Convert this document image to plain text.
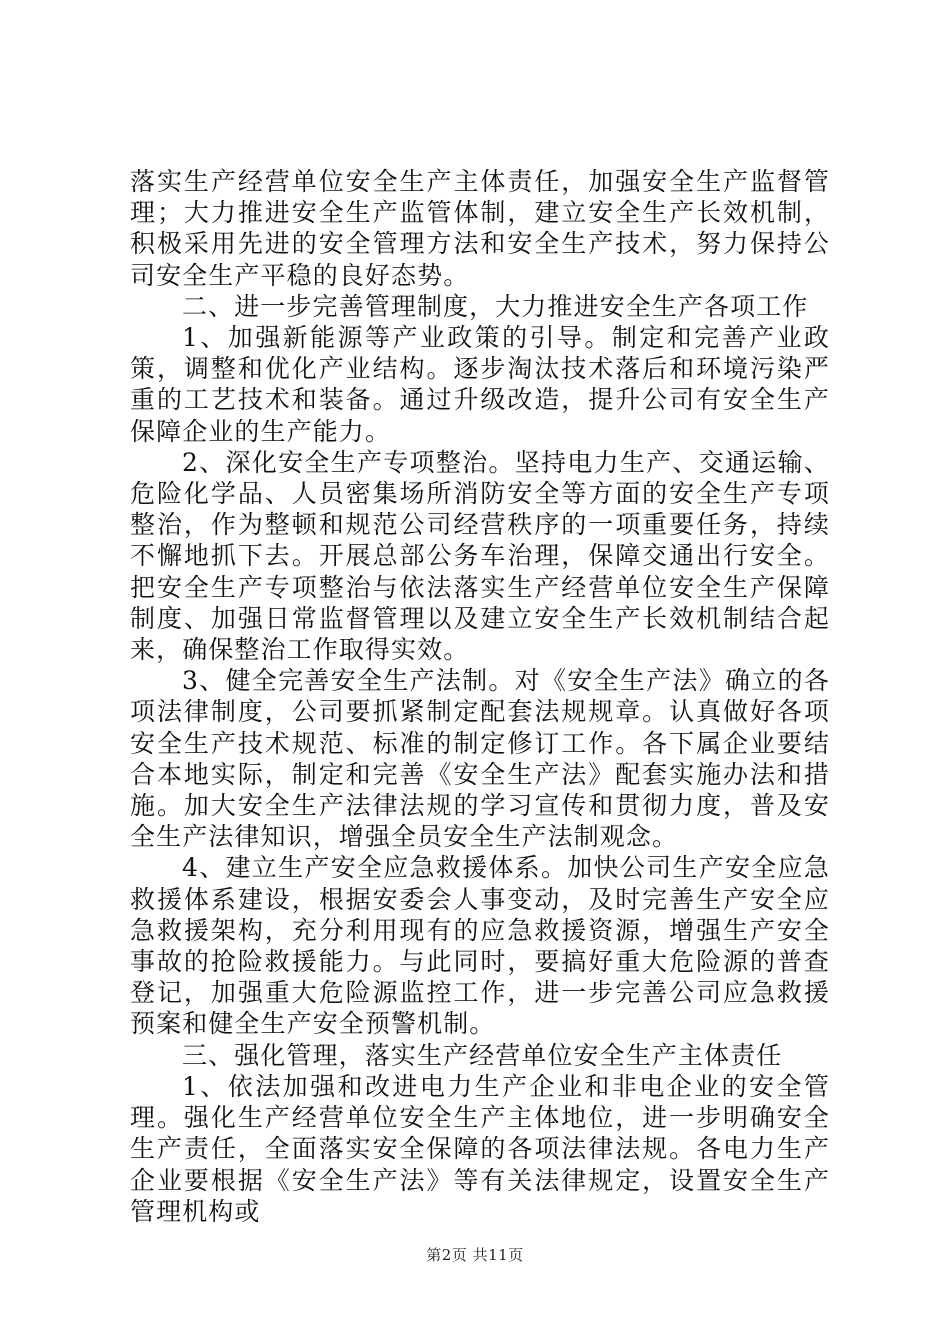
落实生产经营单位安全生产主体责任，加强安全生产监督管理；大力推进安全生产监管体制，建立安全生产长效机制，积极采用先进的安全管理方法和安全生产技术，努力保持公司安全生产平稳的良好态势。

二、进一步完善管理制度，大力推进安全生产各项工作

1、加强新能源等产业政策的引导。制定和完善产业政策，调整和优化产业结构。逐步淘汰技术落后和环境污染严重的工艺技术和装备。通过升级改造，提升公司有安全生产保障企业的生产能力。

2、深化安全生产专项整治。坚持电力生产、交通运输、危险化学品、人员密集场所消防安全等方面的安全生产专项整治，作为整顿和规范公司经营秩序的一项重要任务，持续不懈地抓下去。开展总部公务车治理，保障交通出行安全。把安全生产专项整治与依法落实生产经营单位安全生产保障制度、加强日常监督管理以及建立安全生产长效机制结合起来，确保整治工作取得实效。

3、健全完善安全生产法制。对《安全生产法》确立的各项法律制度，公司要抓紧制定配套法规规章。认真做好各项安全生产技术规范、标准的制定修订工作。各下属企业要结合本地实际，制定和完善《安全生产法》配套实施办法和措施。加大安全生产法律法规的学习宣传和贯彻力度，普及安全生产法律知识，增强全员安全生产法制观念。

4、建立生产安全应急救援体系。加快公司生产安全应急救援体系建设，根据安委会人事变动，及时完善生产安全应急救援架构，充分利用现有的应急救援资源，增强生产安全事故的抢险救援能力。与此同时，要搞好重大危险源的普查登记，加强重大危险源监控工作，进一步完善公司应急救援预案和健全生产安全预警机制。

三、强化管理，落实生产经营单位安全生产主体责任

1、依法加强和改进电力生产企业和非电企业的安全管理。强化生产经营单位安全生产主体地位，进一步明确安全生产责任，全面落实安全保障的各项法律法规。各电力生产企业要根据《安全生产法》等有关法律规定，设置安全生产管理机构或

第2页 共11页
